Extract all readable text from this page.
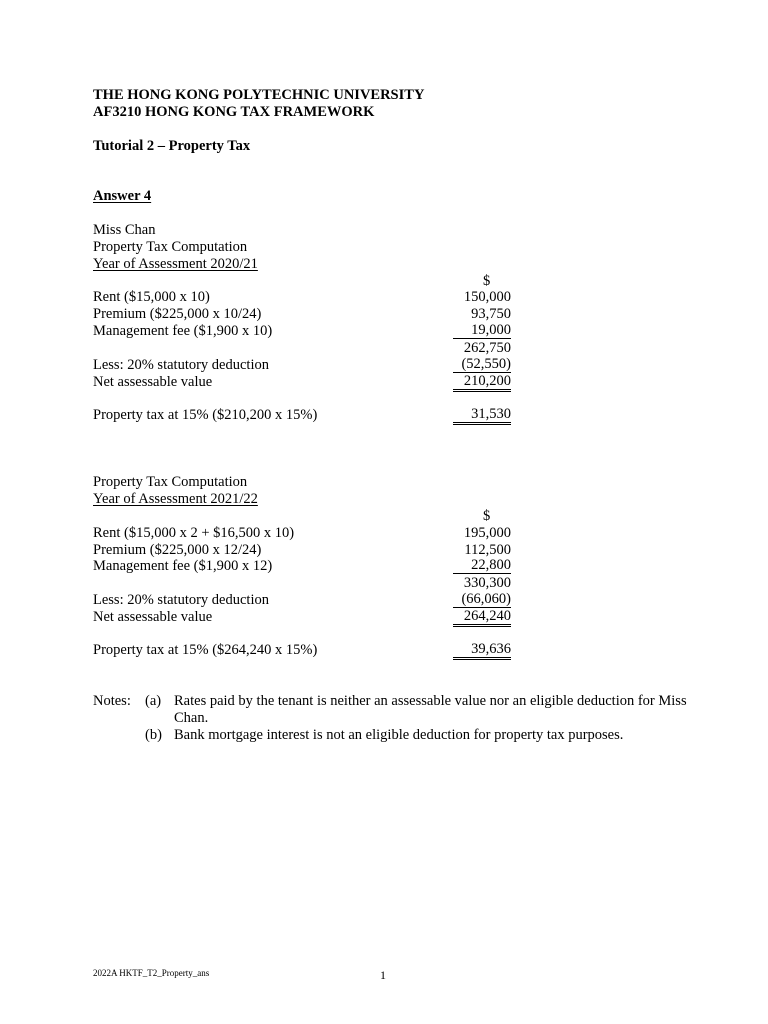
THE HONG KONG POLYTECHNIC UNIVERSITY
AF3210 HONG KONG TAX FRAMEWORK
Tutorial 2 – Property Tax
Answer 4
Miss Chan
Property Tax Computation
Year of Assessment 2020/21
$
Rent ($15,000 x 10)	150,000
Premium ($225,000 x 10/24)	93,750
Management fee ($1,900 x 10)	19,000
262,750
Less: 20% statutory deduction	(52,550)
Net assessable value	210,200
Property tax at 15% ($210,200 x 15%)	31,530
Property Tax Computation
Year of Assessment 2021/22
$
Rent ($15,000 x 2 + $16,500 x 10)	195,000
Premium ($225,000 x 12/24)	112,500
Management fee ($1,900 x 12)	22,800
330,300
Less: 20% statutory deduction	(66,060)
Net assessable value	264,240
Property tax at 15% ($264,240 x 15%)	39,636
Notes: (a) Rates paid by the tenant is neither an assessable value nor an eligible deduction for Miss Chan.
(b) Bank mortgage interest is not an eligible deduction for property tax purposes.
2022A HKTF_T2_Property_ans	1
